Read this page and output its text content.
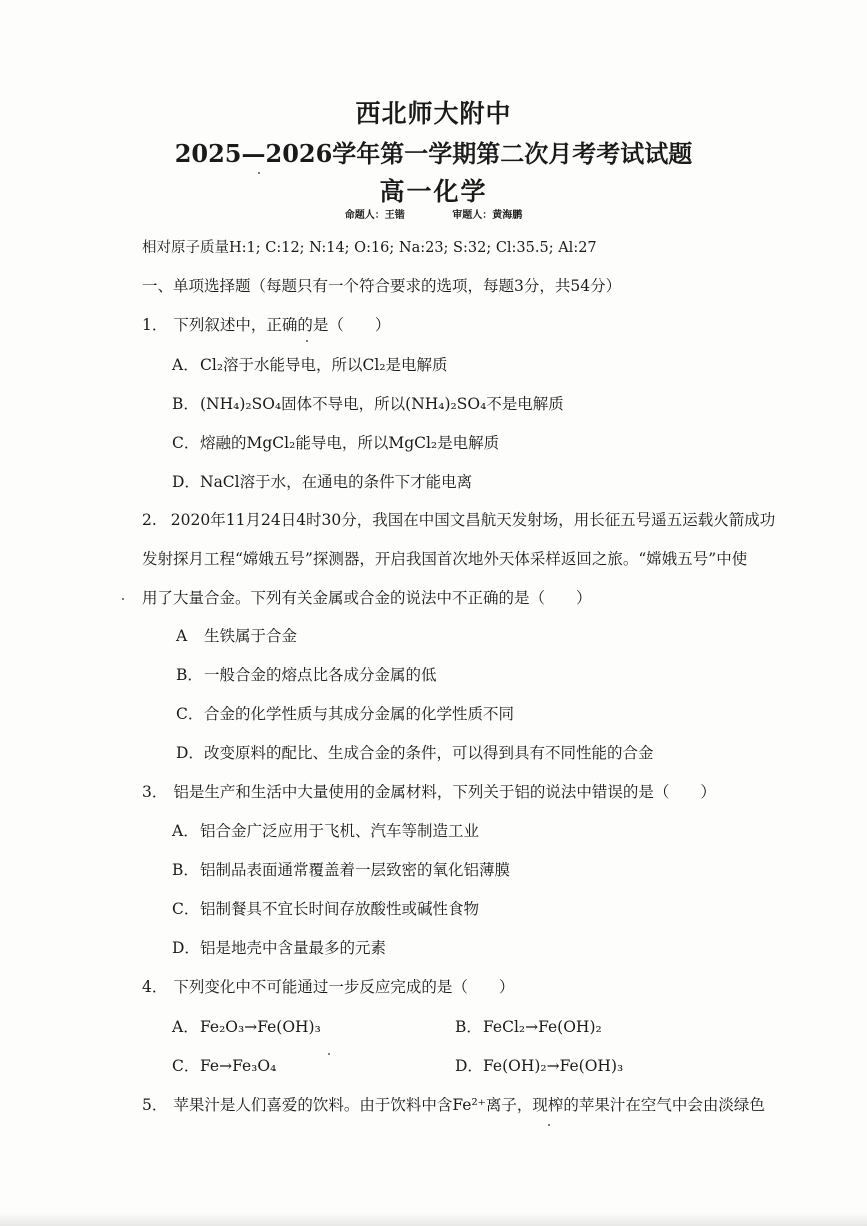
西北师大附中
2025—2026学年第一学期第二次月考考试试题
高一化学
命题人：王锴	审题人：黄海鹏
相对原子质量H:1; C:12; N:14; O:16; Na:23; S:32; Cl:35.5; Al:27
一、单项选择题（每题只有一个符合要求的选项，每题3分，共54分）
1． 下列叙述中，正确的是（　　）
A．Cl₂溶于水能导电，所以Cl₂是电解质
B．(NH₄)₂SO₄固体不导电，所以(NH₄)₂SO₄不是电解质
C．熔融的MgCl₂能导电，所以MgCl₂是电解质
D．NaCl溶于水，在通电的条件下才能电离
2. 2020年11月24日4时30分，我国在中国文昌航天发射场，用长征五号遥五运载火箭成功
发射探月工程“嫦娥五号”探测器，开启我国首次地外天体采样返回之旅。“嫦娥五号”中使
用了大量合金。下列有关金属或合金的说法中不正确的是（　　）
A 生铁属于合金
B．一般合金的熔点比各成分金属的低
C．合金的化学性质与其成分金属的化学性质不同
D．改变原料的配比、生成合金的条件，可以得到具有不同性能的合金
3． 铝是生产和生活中大量使用的金属材料，下列关于铝的说法中错误的是（　　）
A．铝合金广泛应用于飞机、汽车等制造工业
B．铝制品表面通常覆盖着一层致密的氧化铝薄膜
C．铝制餐具不宜长时间存放酸性或碱性食物
D．铝是地壳中含量最多的元素
4． 下列变化中不可能通过一步反应完成的是（　　）
A．Fe₂O₃→Fe(OH)₃	B．FeCl₂→Fe(OH)₂
C．Fe→Fe₃O₄	D．Fe(OH)₂→Fe(OH)₃
5． 苹果汁是人们喜爱的饮料。由于饮料中含Fe²⁺离子，现榨的苹果汁在空气中会由淡绿色
